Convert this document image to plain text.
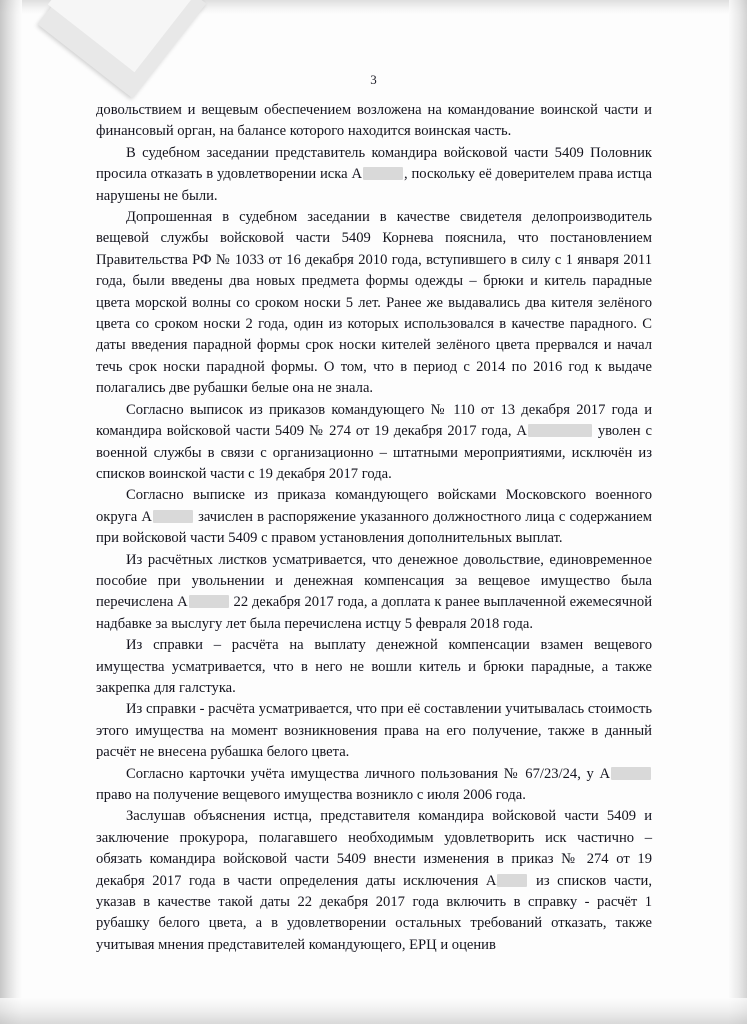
3

довольствием и вещевым обеспечением возложена на командование воинской части и финансовый орган, на балансе которого находится воинская часть.

В судебном заседании представитель командира войсковой части 5409 Половник просила отказать в удовлетворении иска А	, поскольку её доверителем права истца нарушены не были.

Допрошенная в судебном заседании в качестве свидетеля делопроизводитель вещевой службы войсковой части 5409 Корнева пояснила, что постановлением Правительства РФ № 1033 от 16 декабря 2010 года, вступившего в силу с 1 января 2011 года, были введены два новых предмета формы одежды – брюки и китель парадные цвета морской волны со сроком носки 5 лет. Ранее же выдавались два кителя зелёного цвета со сроком носки 2 года, один из которых использовался в качестве парадного. С даты введения парадной формы срок носки кителей зелёного цвета прервался и начал течь срок носки парадной формы. О том, что в период с 2014 по 2016 год к выдаче полагались две рубашки белые она не знала.

Согласно выписок из приказов командующего № 110 от 13 декабря 2017 года и командира войсковой части 5409 № 274 от 19 декабря 2017 года, А	уволен с военной службы в связи с организационно – штатными мероприятиями, исключён из списков воинской части с 19 декабря 2017 года.

Согласно выписке из приказа командующего войсками Московского военного округа А	зачислен в распоряжение указанного должностного лица с содержанием при войсковой части 5409 с правом установления дополнительных выплат.

Из расчётных листков усматривается, что денежное довольствие, единовременное пособие при увольнении и денежная компенсация за вещевое имущество была перечислена А	22 декабря 2017 года, а доплата к ранее выплаченной ежемесячной надбавке за выслугу лет была перечислена истцу 5 февраля 2018 года.

Из справки – расчёта на выплату денежной компенсации взамен вещевого имущества усматривается, что в него не вошли китель и брюки парадные, а также закрепка для галстука.

Из справки - расчёта усматривается, что при её составлении учитывалась стоимость этого имущества на момент возникновения права на его получение, также в данный расчёт не внесена рубашка белого цвета.

Согласно карточки учёта имущества личного пользования № 67/23/24, у А право на получение вещевого имущества возникло с июля 2006 года.

Заслушав объяснения истца, представителя командира войсковой части 5409 и заключение прокурора, полагавшего необходимым удовлетворить иск частично – обязать командира войсковой части 5409 внести изменения в приказ № 274 от 19 декабря 2017 года в части определения даты исключения А из списков части, указав в качестве такой даты 22 декабря 2017 года включить в справку - расчёт 1 рубашку белого цвета, а в удовлетворении остальных требований отказать, также учитывая мнения представителей командующего, ЕРЦ и оценив
